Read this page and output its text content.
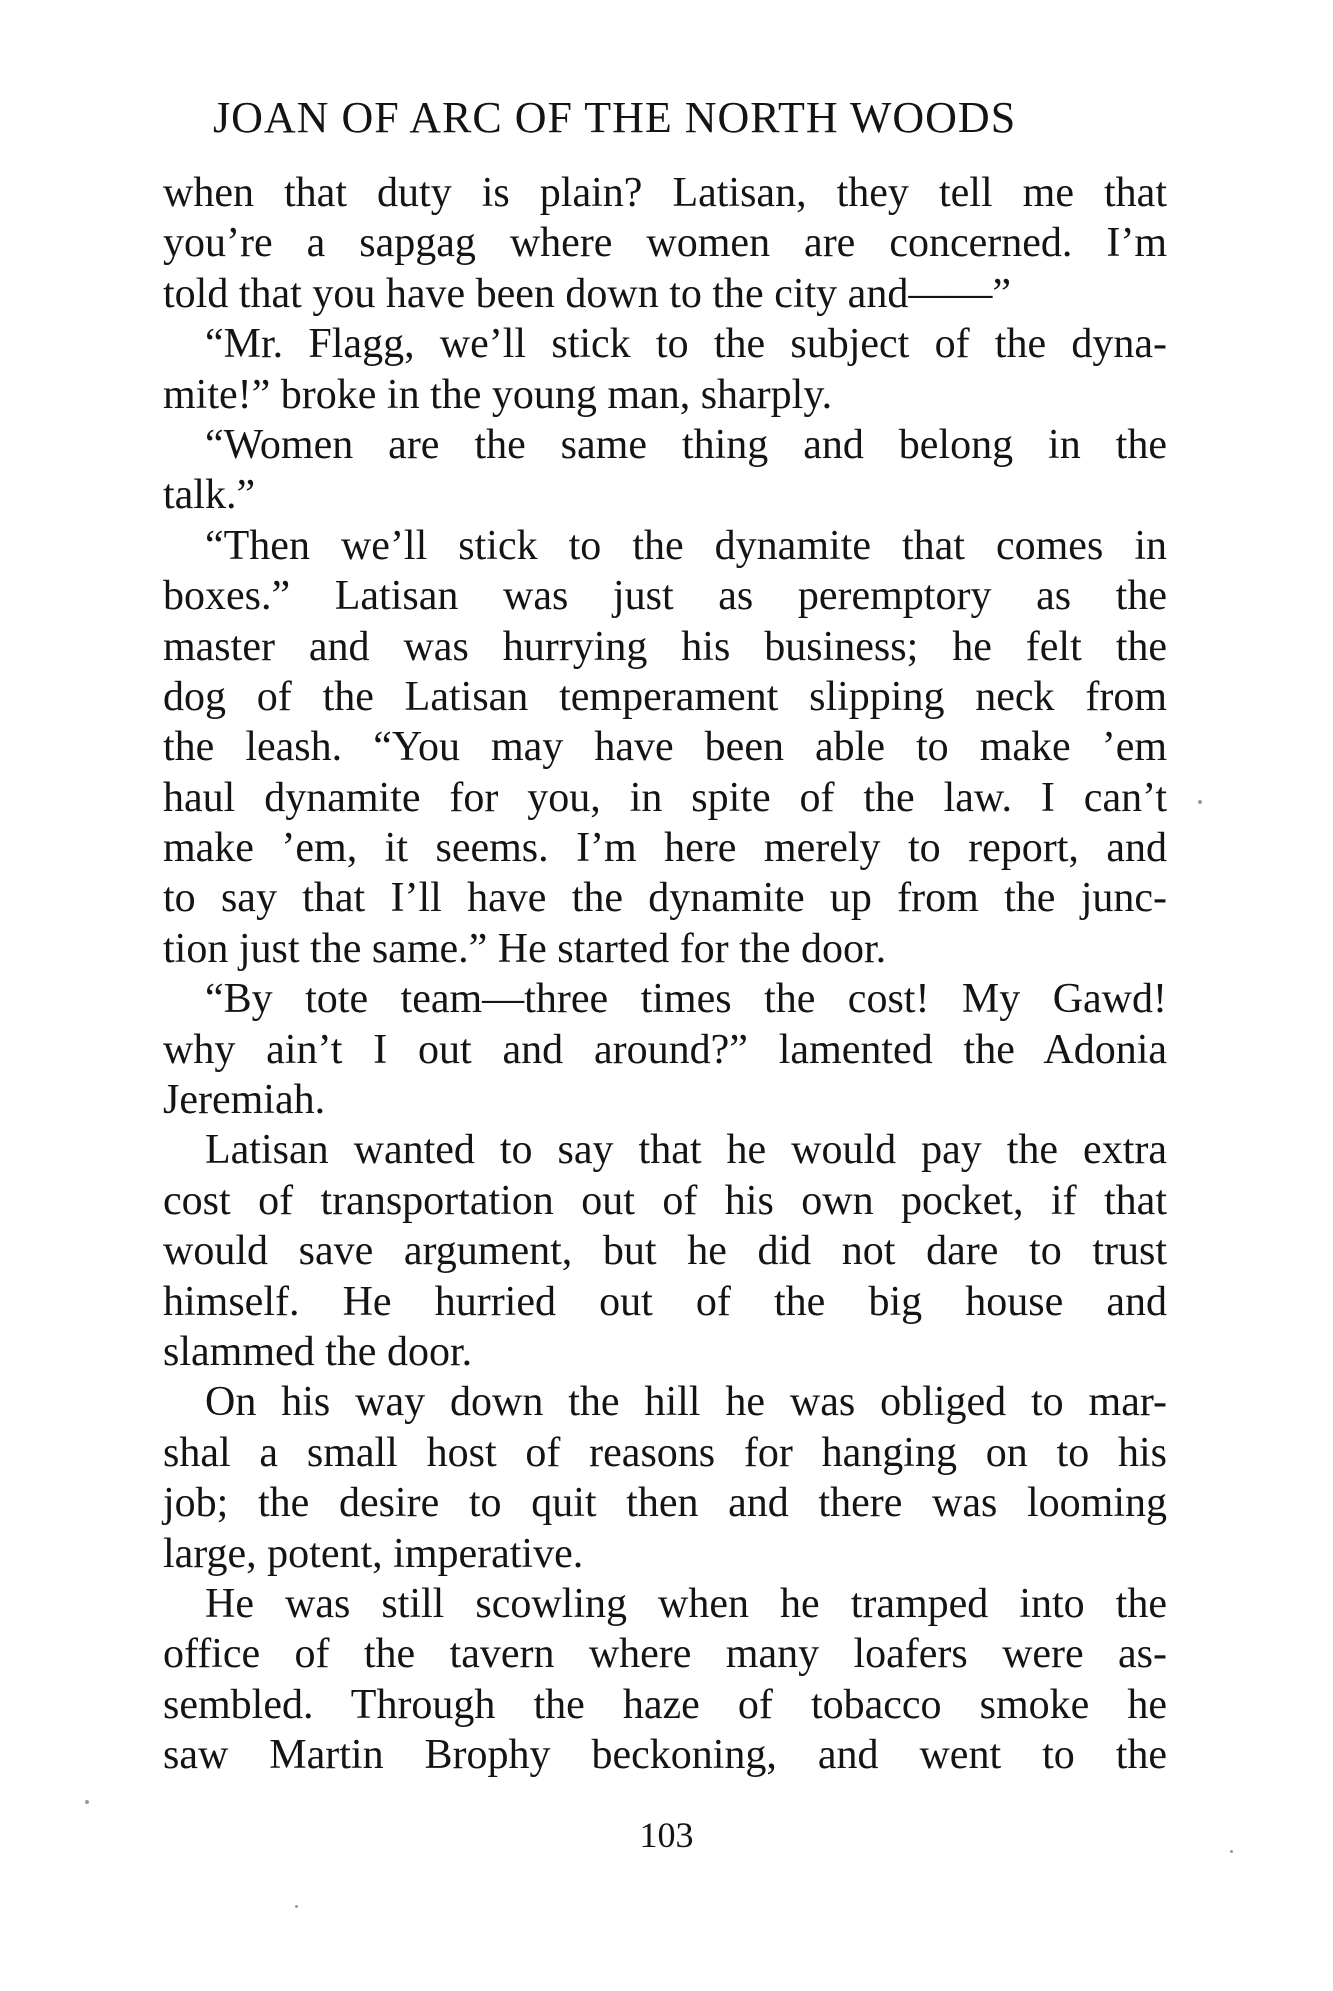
JOAN OF ARC OF THE NORTH WOODS
when that duty is plain? Latisan, they tell me that
you’re a sapgag where women are concerned. I’m
told that you have been down to the city and——”
“Mr. Flagg, we’ll stick to the subject of the dyna-
mite!” broke in the young man, sharply.
“Women are the same thing and belong in the
talk.”
“Then we’ll stick to the dynamite that comes in
boxes.” Latisan was just as peremptory as the
master and was hurrying his business; he felt the
dog of the Latisan temperament slipping neck from
the leash. “You may have been able to make ’em
haul dynamite for you, in spite of the law. I can’t
make ’em, it seems. I’m here merely to report, and
to say that I’ll have the dynamite up from the junc-
tion just the same.” He started for the door.
“By tote team—three times the cost! My Gawd!
why ain’t I out and around?” lamented the Adonia
Jeremiah.
Latisan wanted to say that he would pay the extra
cost of transportation out of his own pocket, if that
would save argument, but he did not dare to trust
himself. He hurried out of the big house and
slammed the door.
On his way down the hill he was obliged to mar-
shal a small host of reasons for hanging on to his
job; the desire to quit then and there was looming
large, potent, imperative.
He was still scowling when he tramped into the
office of the tavern where many loafers were as-
sembled. Through the haze of tobacco smoke he
saw Martin Brophy beckoning, and went to the
103
